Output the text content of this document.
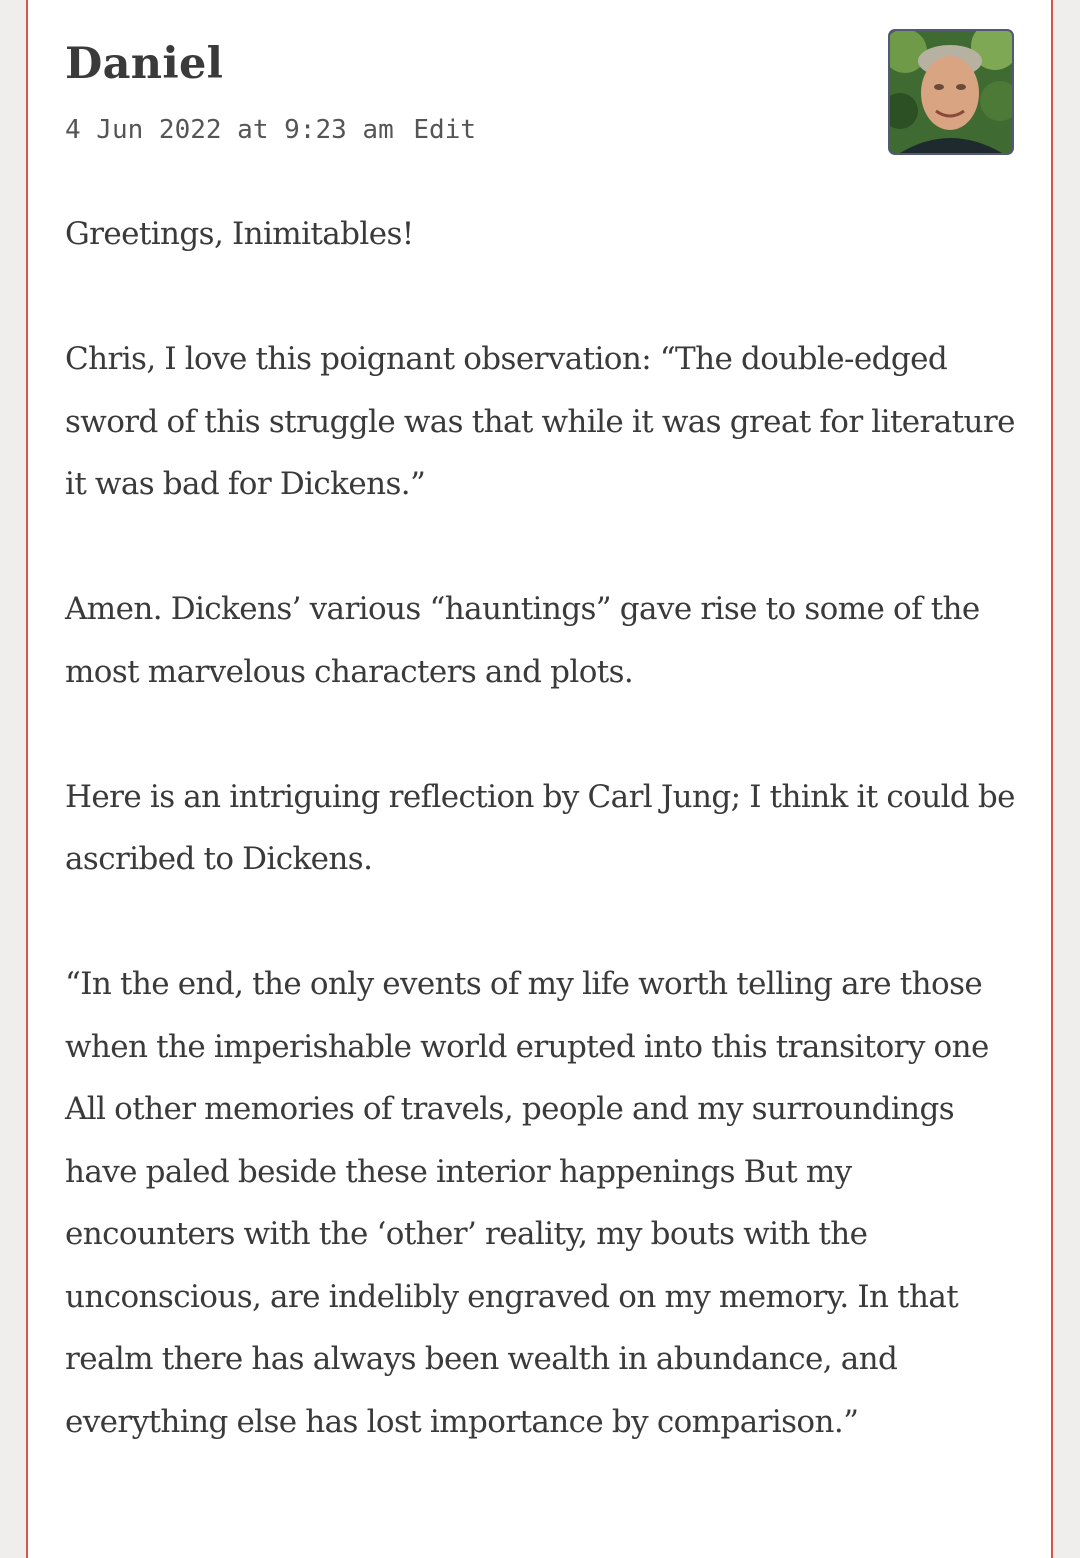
Daniel
4 Jun 2022 at 9:23 am Edit

Greetings, Inimitables!

Chris, I love this poignant observation: “The double-edged sword of this struggle was that while it was great for literature it was bad for Dickens.”

Amen. Dickens’ various “hauntings” gave rise to some of the most marvelous characters and plots.

Here is an intriguing reflection by Carl Jung; I think it could be ascribed to Dickens.

“In the end, the only events of my life worth telling are those when the imperishable world erupted into this transitory one All other memories of travels, people and my surroundings have paled beside these interior happenings But my encounters with the ‘other’ reality, my bouts with the unconscious, are indelibly engraved on my memory. In that realm there has always been wealth in abundance, and everything else has lost importance by comparison.”
